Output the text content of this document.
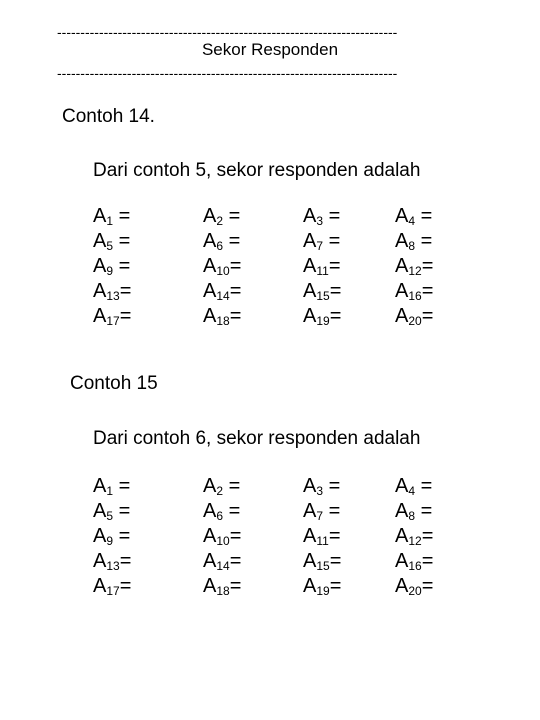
-------------------------------------------------------------------------
Sekor Responden
-------------------------------------------------------------------------
Contoh 14.
Dari contoh 5, sekor responden adalah
$A_1$ =	$A_2$ =	$A_3$ =	$A_4$ =
$A_5$ =	$A_6$ =	$A_7$ =	$A_8$ =
$A_9$ =	$A_{10}=$	$A_{11}=$	$A_{12}=$
$A_{13}=$	$A_{14}=$	$A_{15}=$	$A_{16}=$
$A_{17}=$	$A_{18}=$	$A_{19}=$	$A_{20}=$
Contoh 15
Dari contoh 6, sekor responden adalah
$A_1$ =	$A_2$ =	$A_3$ =	$A_4$ =
$A_5$ =	$A_6$ =	$A_7$ =	$A_8$ =
$A_9$ =	$A_{10}=$	$A_{11}=$	$A_{12}=$
$A_{13}=$	$A_{14}=$	$A_{15}=$	$A_{16}=$
$A_{17}=$	$A_{18}=$	$A_{19}=$	$A_{20}=$
